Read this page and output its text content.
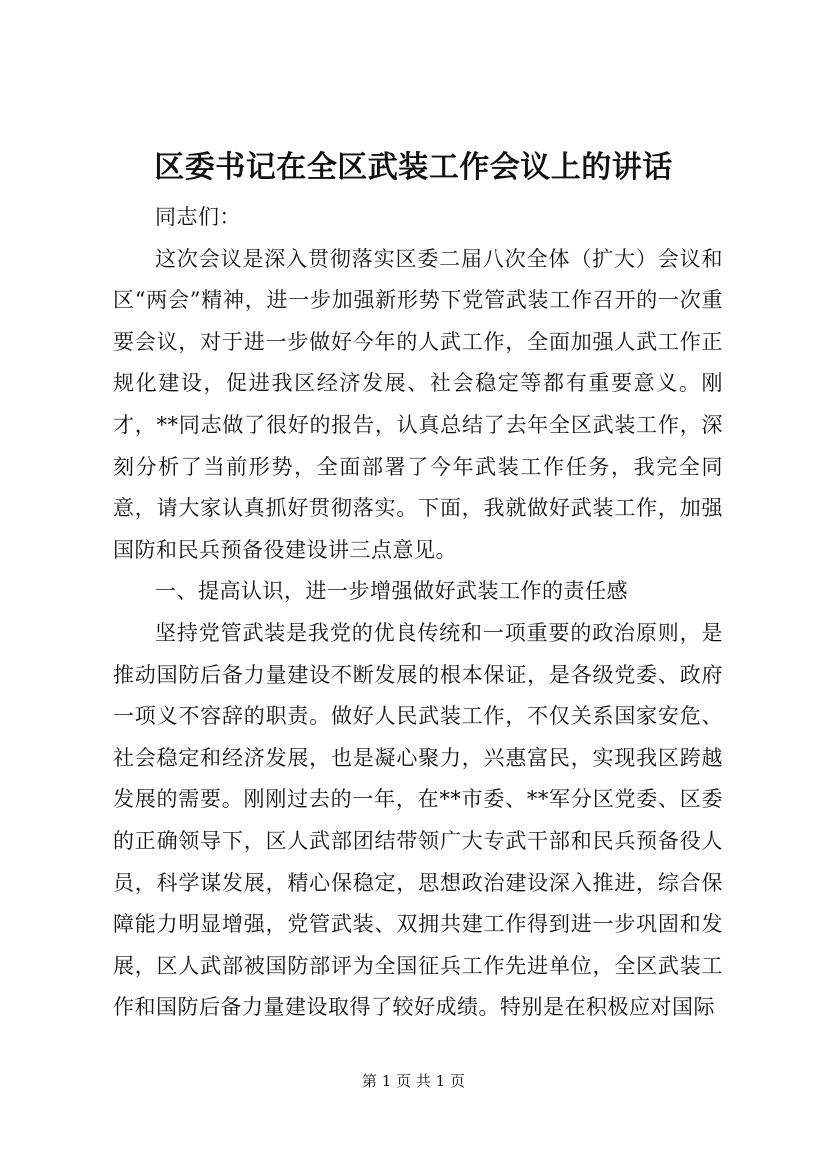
区委书记在全区武装工作会议上的讲话

同志们：

这次会议是深入贯彻落实区委二届八次全体（扩大）会议和区“两会”精神，进一步加强新形势下党管武装工作召开的一次重要会议，对于进一步做好今年的人武工作，全面加强人武工作正规化建设，促进我区经济发展、社会稳定等都有重要意义。刚才，**同志做了很好的报告，认真总结了去年全区武装工作，深刻分析了当前形势，全面部署了今年武装工作任务，我完全同意，请大家认真抓好贯彻落实。下面，我就做好武装工作，加强国防和民兵预备役建设讲三点意见。

一、提高认识，进一步增强做好武装工作的责任感

坚持党管武装是我党的优良传统和一项重要的政治原则，是推动国防后备力量建设不断发展的根本保证，是各级党委、政府一项义不容辞的职责。做好人民武装工作，不仅关系国家安危、社会稳定和经济发展，也是凝心聚力，兴惠富民，实现我区跨越发展的需要。刚刚过去的一年，在**市委、**军分区党委、区委的正确领导下，区人武部团结带领广大专武干部和民兵预备役人员，科学谋发展，精心保稳定，思想政治建设深入推进，综合保障能力明显增强，党管武装、双拥共建工作得到进一步巩固和发展，区人武部被国防部评为全国征兵工作先进单位，全区武装工作和国防后备力量建设取得了较好成绩。特别是在积极应对国际

第 1 页 共 1 页
